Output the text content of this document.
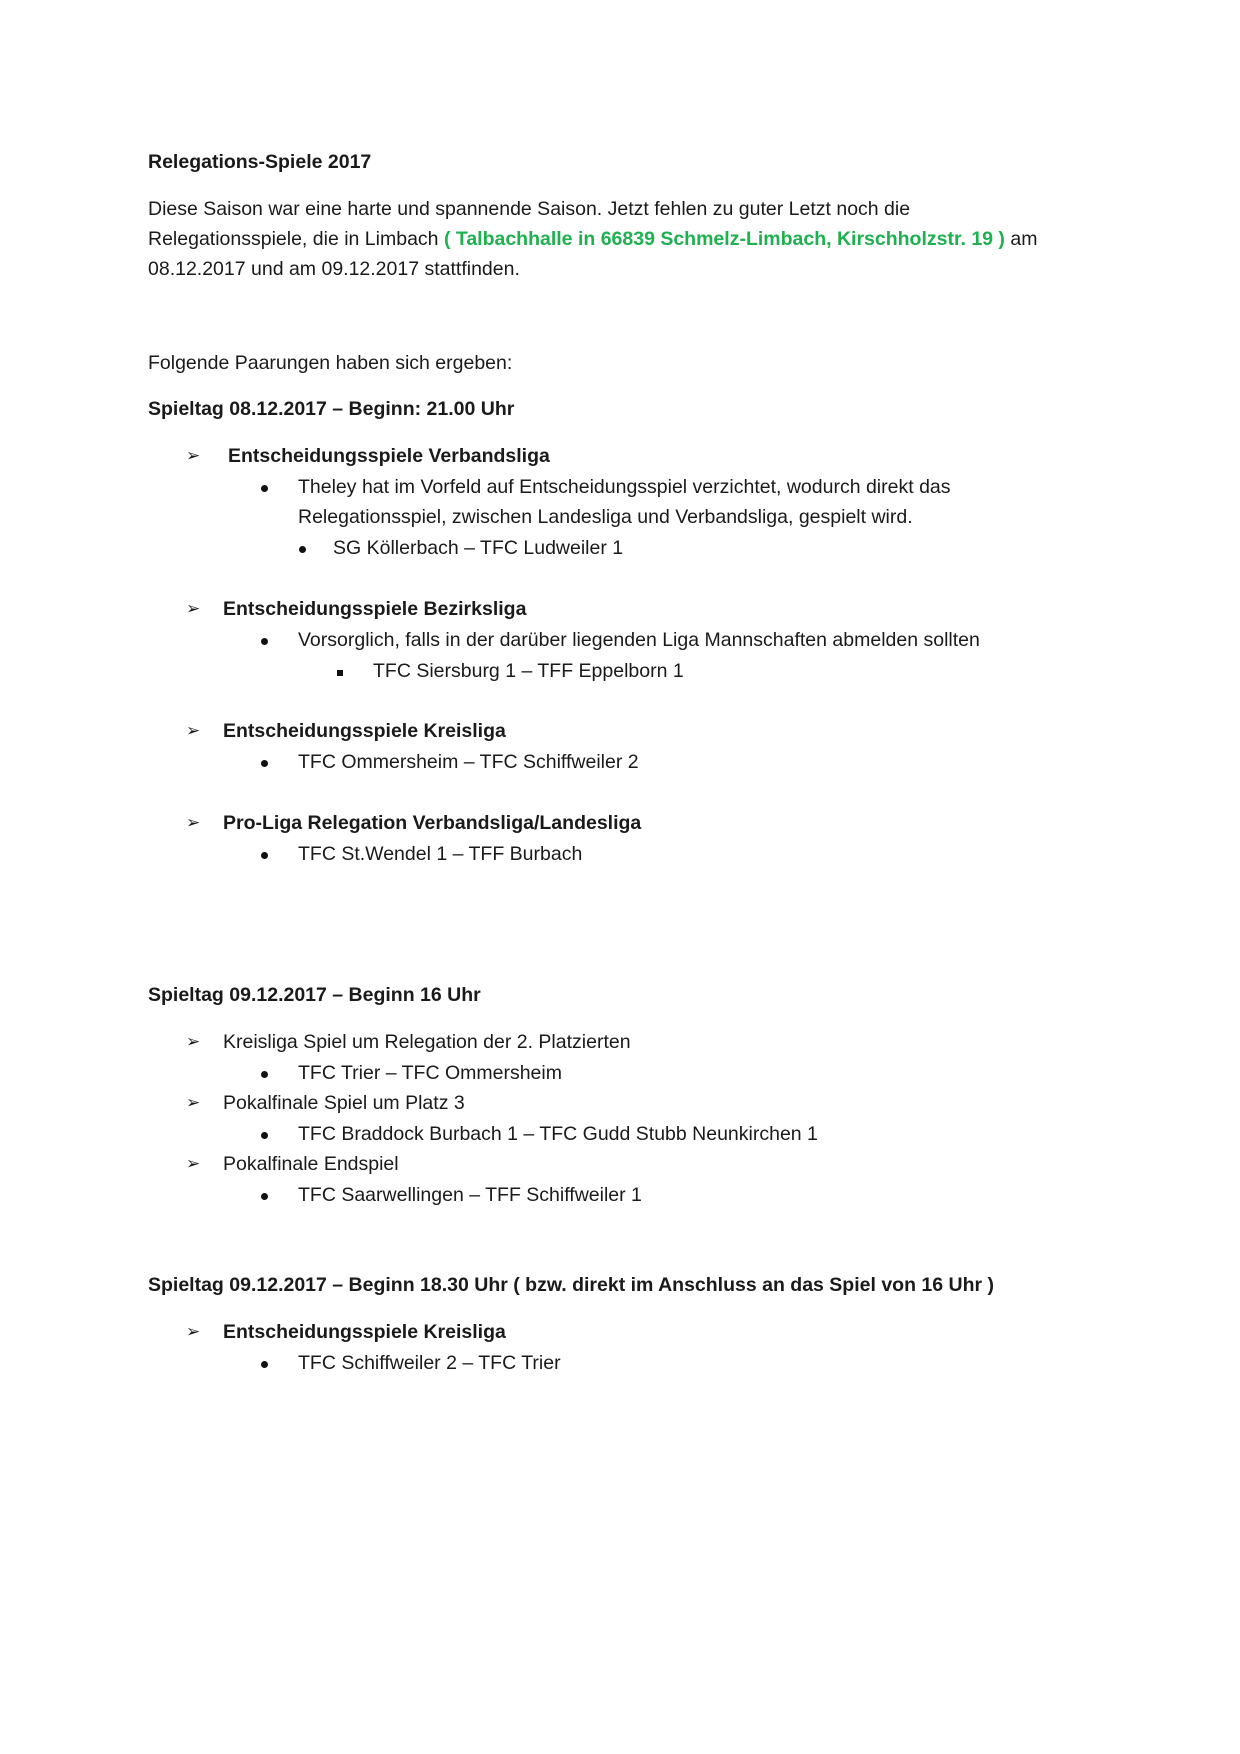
Relegations-Spiele 2017
Diese Saison war eine harte und spannende Saison. Jetzt fehlen zu guter Letzt noch die
Relegationsspiele, die in Limbach ( Talbachhalle in 66839 Schmelz-Limbach, Kirschholzstr. 19 ) am
08.12.2017 und am 09.12.2017 stattfinden.
Folgende Paarungen haben sich ergeben:
Spieltag 08.12.2017 – Beginn: 21.00 Uhr
➢ Entscheidungsspiele Verbandsliga
Theley hat im Vorfeld auf Entscheidungsspiel verzichtet, wodurch direkt das
Relegationsspiel, zwischen Landesliga und Verbandsliga, gespielt wird.
SG Köllerbach – TFC Ludweiler 1
➢ Entscheidungsspiele Bezirksliga
Vorsorglich, falls in der darüber liegenden Liga Mannschaften abmelden sollten
TFC Siersburg 1 – TFF Eppelborn 1
➢ Entscheidungsspiele Kreisliga
TFC Ommersheim – TFC Schiffweiler 2
➢ Pro-Liga Relegation Verbandsliga/Landesliga
TFC St.Wendel 1 – TFF Burbach
Spieltag 09.12.2017 – Beginn 16 Uhr
➢ Kreisliga Spiel um Relegation der 2. Platzierten
TFC Trier – TFC Ommersheim
➢ Pokalfinale Spiel um Platz 3
TFC Braddock Burbach 1 – TFC Gudd Stubb Neunkirchen 1
➢ Pokalfinale Endspiel
TFC Saarwellingen – TFF Schiffweiler 1
Spieltag 09.12.2017 – Beginn 18.30 Uhr ( bzw. direkt im Anschluss an das Spiel von 16 Uhr )
➢ Entscheidungsspiele Kreisliga
TFC Schiffweiler 2 – TFC Trier
